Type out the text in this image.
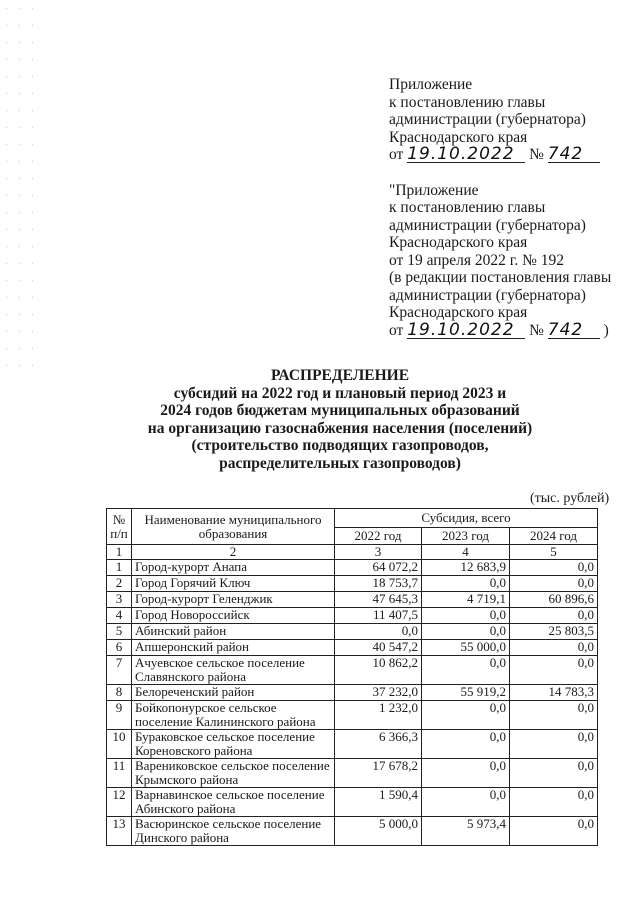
Приложение
к постановлению главы
администрации (губернатора)
Краснодарского края
от 19.10.2022 № 742
"Приложение
к постановлению главы
администрации (губернатора)
Краснодарского края
от 19 апреля 2022 г. № 192
(в редакции постановления главы
администрации (губернатора)
Краснодарского края
от 19.10.2022 № 742 )
РАСПРЕДЕЛЕНИЕ
субсидий на 2022 год и плановый период 2023 и
2024 годов бюджетам муниципальных образований
на организацию газоснабжения населения (поселений)
(строительство подводящих газопроводов,
распределительных газопроводов)
(тыс. рублей)
№ п/п	Наименование муниципального образования	Субсидия, всего		
		2022 год	2023 год	2024 год
1	2	3	4	5
1	Город-курорт Анапа	64 072,2	12 683,9	0,0
2	Город Горячий Ключ	18 753,7	0,0	0,0
3	Город-курорт Геленджик	47 645,3	4 719,1	60 896,6
4	Город Новороссийск	11 407,5	0,0	0,0
5	Абинский район	0,0	0,0	25 803,5
6	Апшеронский район	40 547,2	55 000,0	0,0
7	Ачуевское сельское поселение Славянского района	10 862,2	0,0	0,0
8	Белореченский район	37 232,0	55 919,2	14 783,3
9	Бойкопонурское сельское поселение Калининского района	1 232,0	0,0	0,0
10	Бураковское сельское поселение Кореновского района	6 366,3	0,0	0,0
11	Варениковское сельское поселение Крымского района	17 678,2	0,0	0,0
12	Варнавинское сельское поселение Абинского района	1 590,4	0,0	0,0
13	Васюринское сельское поселение Динского района	5 000,0	5 973,4	0,0
